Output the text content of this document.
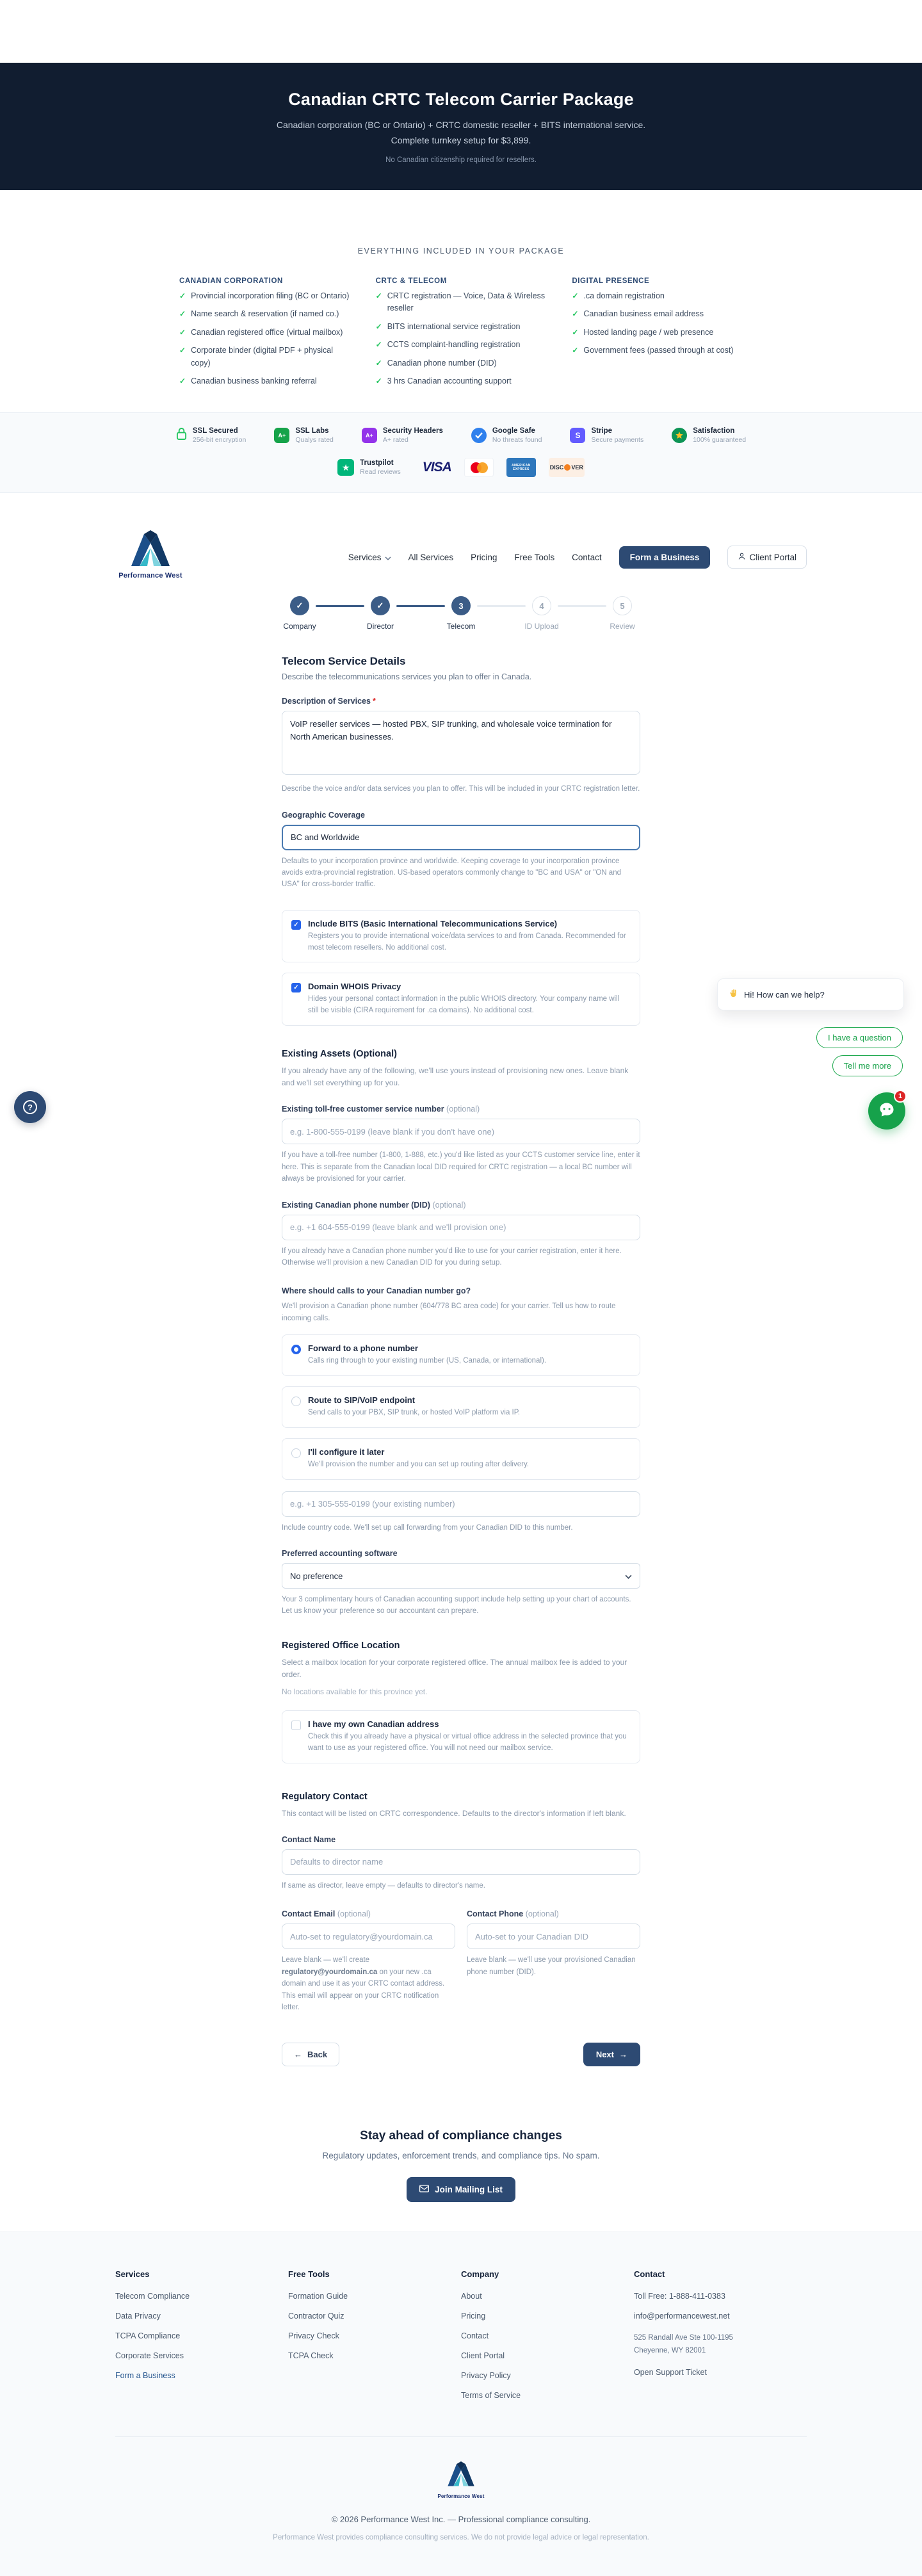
Canadian CRTC Telecom Carrier Package
Canadian corporation (BC or Ontario) + CRTC domestic reseller + BITS international service. Complete turnkey setup for $3,899.
No Canadian citizenship required for resellers.
EVERYTHING INCLUDED IN YOUR PACKAGE
CANADIAN CORPORATION
✓
Provincial incorporation filing (BC or Ontario)
✓
Name search & reservation (if named co.)
✓
Canadian registered office (virtual mailbox)
✓
Corporate binder (digital PDF + physical copy)
✓
Canadian business banking referral
CRTC & TELECOM
✓
CRTC registration — Voice, Data & Wireless reseller
✓
BITS international service registration
✓
CCTS complaint-handling registration
✓
Canadian phone number (DID)
✓
3 hrs Canadian accounting support
DIGITAL PRESENCE
✓
.ca domain registration
✓
Canadian business email address
✓
Hosted landing page / web presence
✓
Government fees (passed through at cost)
SSL Secured
256-bit encryption
A+
SSL Labs
Qualys rated
A+
Security Headers
A+ rated
Google Safe
No threats found	S	Stripe
Secure payments
Satisfaction
100% guaranteed
★	Trustpilot
Read reviews VISA	AMERICAN
EXPRESS	DISC VER
Performance West
Services	All Services Pricing Free Tools Contact	Form a Business	Client Portal
✓
Company
✓
Director
3
Telecom
4
ID Upload
5
Review
Telecom Service Details
Describe the telecommunications services you plan to offer in Canada.
Description of Services *
VoIP reseller services — hosted PBX, SIP trunking, and wholesale voice termination for North American businesses.
Describe the voice and/or data services you plan to offer. This will be included in your CRTC registration letter.
Geographic Coverage
BC and Worldwide
Defaults to your incorporation province and worldwide. Keeping coverage to your incorporation province avoids extra-provincial registration. US-based operators commonly change to "BC and USA" or "ON and USA" for cross-border traffic.
✓
Include BITS (Basic International Telecommunications Service)
Registers you to provide international voice/data services to and from Canada. Recommended for most telecom resellers. No additional cost.
✓
Domain WHOIS Privacy
Hides your personal contact information in the public WHOIS directory. Your company name will still be visible (CIRA requirement for .ca domains). No additional cost.
Existing Assets (Optional)
If you already have any of the following, we'll use yours instead of provisioning new ones. Leave blank and we'll set everything up for you.
Existing toll-free customer service number (optional)
e.g. 1-800-555-0199 (leave blank if you don't have one)
If you have a toll-free number (1-800, 1-888, etc.) you'd like listed as your CCTS customer service line, enter it here. This is separate from the Canadian local DID required for CRTC registration — a local BC number will always be provisioned for your carrier.
Existing Canadian phone number (DID) (optional)
e.g. +1 604-555-0199 (leave blank and we'll provision one)
If you already have a Canadian phone number you'd like to use for your carrier registration, enter it here. Otherwise we'll provision a new Canadian DID for you during setup.
Where should calls to your Canadian number go?
We'll provision a Canadian phone number (604/778 BC area code) for your carrier. Tell us how to route incoming calls.
Forward to a phone number
Calls ring through to your existing number (US, Canada, or international).
Route to SIP/VoIP endpoint
Send calls to your PBX, SIP trunk, or hosted VoIP platform via IP.
I'll configure it later
We'll provision the number and you can set up routing after delivery.
e.g. +1 305-555-0199 (your existing number)
Include country code. We'll set up call forwarding from your Canadian DID to this number.
Preferred accounting software
No preference
Your 3 complimentary hours of Canadian accounting support include help setting up your chart of accounts. Let us know your preference so our accountant can prepare.
Registered Office Location
Select a mailbox location for your corporate registered office. The annual mailbox fee is added to your order.
No locations available for this province yet.
I have my own Canadian address
Check this if you already have a physical or virtual office address in the selected province that you want to use as your registered office. You will not need our mailbox service.
Regulatory Contact
This contact will be listed on CRTC correspondence. Defaults to the director's information if left blank.
Contact Name
Defaults to director name
If same as director, leave empty — defaults to director's name.
Contact Email (optional)
Auto-set to regulatory@yourdomain.ca
Leave blank — we'll create regulatory@yourdomain.ca on your new .ca domain and use it as your CRTC contact address. This email will appear on your CRTC notification letter.
Contact Phone (optional)
Auto-set to your Canadian DID
Leave blank — we'll use your provisioned Canadian phone number (DID).
← Back	Next →
Stay ahead of compliance changes

Regulatory updates, enforcement trends, and compliance tips. No spam.

Join Mailing List
Services
Telecom Compliance
Data Privacy
TCPA Compliance
Corporate Services
Form a Business
Free Tools
Formation Guide
Contractor Quiz
Privacy Check
TCPA Check
Company
About
Pricing
Contact
Client Portal
Privacy Policy
Terms of Service
Contact
Toll Free: 1-888-411-0383
info@performancewest.net
525 Randall Ave Ste 100-1195
Cheyenne, WY 82001
Open Support Ticket
Performance West
© 2026 Performance West Inc. — Professional compliance consulting.
Performance West provides compliance consulting services. We do not provide legal advice or legal representation.
Hi! How can we help?
I have a question
Tell me more
1
?
